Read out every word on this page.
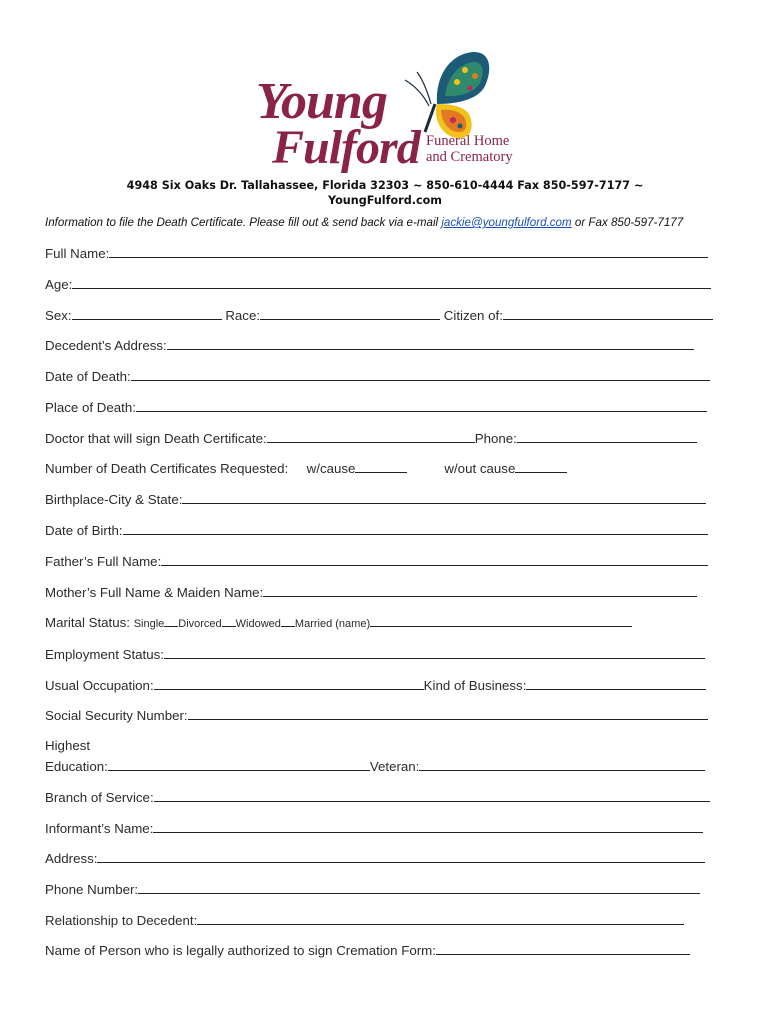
Young
Fulford Funeral Home
and Crematory
4948 Six Oaks Dr. Tallahassee, Florida 32303 ~ 850-610-4444 Fax 850-597-7177 ~
YoungFulford.com
Information to file the Death Certificate. Please fill out & send back via e-mail jackie@youngfulford.com or Fax 850-597-7177
Full Name:
Age:
Sex:	Race:	Citizen of:
Decedent’s Address:
Date of Death:
Place of Death:
Doctor that will sign Death Certificate:	Phone:
Number of Death Certificates Requested: w/cause	w/out cause
Birthplace-City & State:
Date of Birth:
Father’s Full Name:
Mother’s Full Name & Maiden Name:
Marital Status: Single Divorced Widowed Married (name)
Employment Status:
Usual Occupation:	Kind of Business:
Social Security Number:
Highest
Education:	Veteran:
Branch of Service:
Informant’s Name:
Address:
Phone Number:
Relationship to Decedent:
Name of Person who is legally authorized to sign Cremation Form:
